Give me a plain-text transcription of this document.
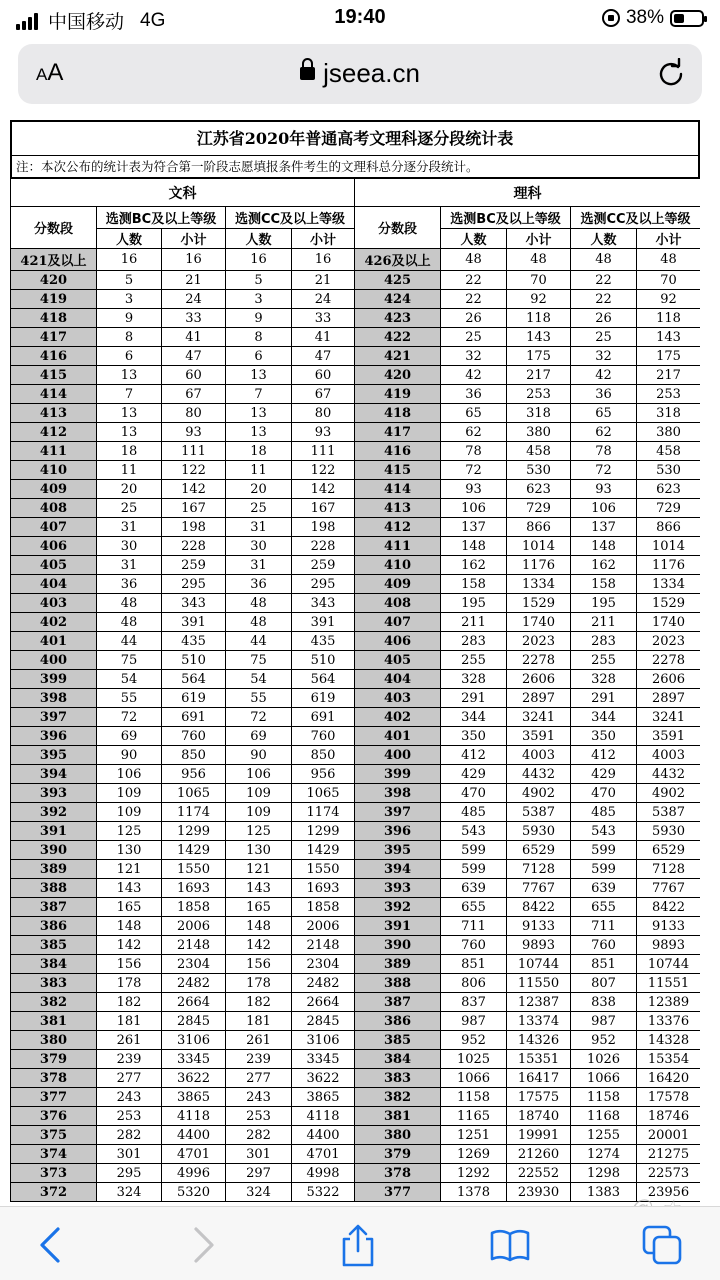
中国移动 4G	19:40	38%
AA	jseea.cn
江苏省2020年普通高考文理科逐分段统计表
注：本次公布的统计表为符合第一阶段志愿填报条件考生的文理科总分逐分段统计。
文科					理科				
分数段	选测BC及以上等级		选测CC及以上等级		分数段	选测BC及以上等级		选测CC及以上等级	
	人数	小计	人数	小计		人数	小计	人数	小计
421及以上	16	16	16	16	426及以上	48	48	48	48
420	5	21	5	21	425	22	70	22	70
419	3	24	3	24	424	22	92	22	92
418	9	33	9	33	423	26	118	26	118
417	8	41	8	41	422	25	143	25	143
416	6	47	6	47	421	32	175	32	175
415	13	60	13	60	420	42	217	42	217
414	7	67	7	67	419	36	253	36	253
413	13	80	13	80	418	65	318	65	318
412	13	93	13	93	417	62	380	62	380
411	18	111	18	111	416	78	458	78	458
410	11	122	11	122	415	72	530	72	530
409	20	142	20	142	414	93	623	93	623
408	25	167	25	167	413	106	729	106	729
407	31	198	31	198	412	137	866	137	866
406	30	228	30	228	411	148	1014	148	1014
405	31	259	31	259	410	162	1176	162	1176
404	36	295	36	295	409	158	1334	158	1334
403	48	343	48	343	408	195	1529	195	1529
402	48	391	48	391	407	211	1740	211	1740
401	44	435	44	435	406	283	2023	283	2023
400	75	510	75	510	405	255	2278	255	2278
399	54	564	54	564	404	328	2606	328	2606
398	55	619	55	619	403	291	2897	291	2897
397	72	691	72	691	402	344	3241	344	3241
396	69	760	69	760	401	350	3591	350	3591
395	90	850	90	850	400	412	4003	412	4003
394	106	956	106	956	399	429	4432	429	4432
393	109	1065	109	1065	398	470	4902	470	4902
392	109	1174	109	1174	397	485	5387	485	5387
391	125	1299	125	1299	396	543	5930	543	5930
390	130	1429	130	1429	395	599	6529	599	6529
389	121	1550	121	1550	394	599	7128	599	7128
388	143	1693	143	1693	393	639	7767	639	7767
387	165	1858	165	1858	392	655	8422	655	8422
386	148	2006	148	2006	391	711	9133	711	9133
385	142	2148	142	2148	390	760	9893	760	9893
384	156	2304	156	2304	389	851	10744	851	10744
383	178	2482	178	2482	388	806	11550	807	11551
382	182	2664	182	2664	387	837	12387	838	12389
381	181	2845	181	2845	386	987	13374	987	13376
380	261	3106	261	3106	385	952	14326	952	14328
379	239	3345	239	3345	384	1025	15351	1026	15354
378	277	3622	277	3622	383	1066	16417	1066	16420
377	243	3865	243	3865	382	1158	17575	1158	17578
376	253	4118	253	4118	381	1165	18740	1168	18746
375	282	4400	282	4400	380	1251	19991	1255	20001
374	301	4701	301	4701	379	1269	21260	1274	21275
373	295	4996	297	4998	378	1292	22552	1298	22573
372	324	5320	324	5322	377	1378	23930	1383	23956
